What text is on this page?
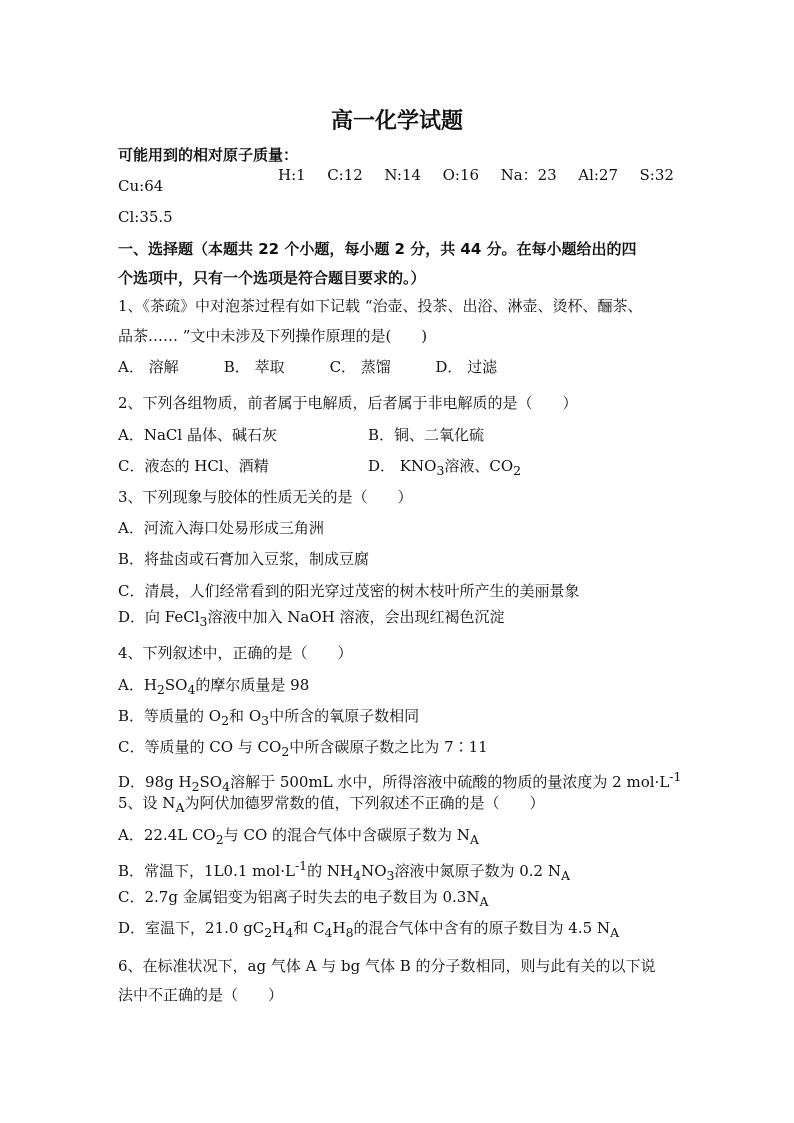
高一化学试题
可能用到的相对原子质量：
H:1 C:12 N:14 O:16 Na：23 Al:27 S:32
Cu:64
Cl:35.5
一、选择题（本题共 22 个小题，每小题 2 分，共 44 分。在每小题给出的四
个选项中，只有一个选项是符合题目要求的。）
1、《茶疏》中对泡茶过程有如下记载 “治壶、投茶、出浴、淋壶、烫杯、酾茶、
品茶…… ”文中未涉及下列操作原理的是(　　)
A． 溶解	B． 萃取	C． 蒸馏	D． 过滤
2、下列各组物质，前者属于电解质，后者属于非电解质的是（　　）
A．NaCl 晶体、碱石灰	B．铜、二氧化硫
C．液态的 HCl、酒精	D． $KNO_3$溶液、$CO_2$
3、下列现象与胶体的性质无关的是（　　）
A．河流入海口处易形成三角洲
B．将盐卤或石膏加入豆浆，制成豆腐
C．清晨，人们经常看到的阳光穿过茂密的树木枝叶所产生的美丽景象
D．向 FeCl$_3$溶液中加入 NaOH 溶液，会出现红褐色沉淀
4、下列叙述中，正确的是（　　）
A．$H_2SO_4$的摩尔质量是 98
B．等质量的 $O_2$和 $O_3$中所含的氧原子数相同
C．等质量的 CO 与 $CO_2$中所含碳原子数之比为 7∶11
D．98g $H_2SO_4$溶解于 500mL 水中，所得溶液中硫酸的物质的量浓度为 2 $mol\cdot L^{-1}$
5、设 $N_A$为阿伏加德罗常数的值，下列叙述不正确的是（　　）
A．22.4L $CO_2$与 CO 的混合气体中含碳原子数为 $N_A$
B．常温下，1L0.1 $mol\cdot L^{-1}$的 $NH_4NO_3$溶液中氮原子数为 0.2 $N_A$
C．2.7g 金属铝变为铝离子时失去的电子数目为 $0.3N_A$
D．室温下，21.0 $gC_2H_4$和 $C_4H_8$的混合气体中含有的原子数目为 4.5 $N_A$
6、在标准状况下，ag 气体 A 与 bg 气体 B 的分子数相同，则与此有关的以下说
法中不正确的是（　　）
